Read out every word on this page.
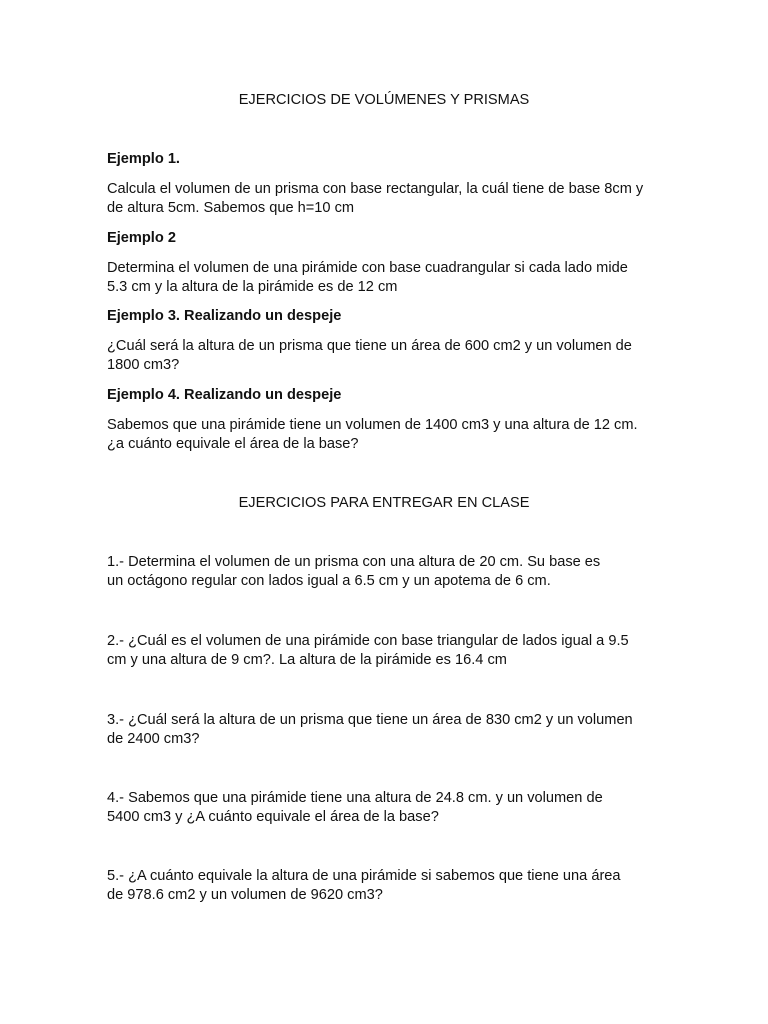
EJERCICIOS DE VOLÚMENES Y PRISMAS

Ejemplo 1.

Calcula el volumen de un prisma con base rectangular, la cuál tiene de base 8cm y
de altura 5cm. Sabemos que h=10 cm

Ejemplo 2

Determina el volumen de una pirámide con base cuadrangular si cada lado mide
5.3 cm y la altura de la pirámide es de 12 cm

Ejemplo 3. Realizando un despeje

¿Cuál será la altura de un prisma que tiene un área de 600 cm2 y un volumen de
1800 cm3?

Ejemplo 4. Realizando un despeje

Sabemos que una pirámide tiene un volumen de 1400 cm3 y una altura de 12 cm.
¿a cuánto equivale el área de la base?

EJERCICIOS PARA ENTREGAR EN CLASE

1.- Determina el volumen de un prisma con una altura de 20 cm. Su base es
un octágono regular con lados igual a 6.5 cm y un apotema de 6 cm.

2.- ¿Cuál es el volumen de una pirámide con base triangular de lados igual a 9.5
cm y una altura de 9 cm?. La altura de la pirámide es 16.4 cm

3.- ¿Cuál será la altura de un prisma que tiene un área de 830 cm2 y un volumen
de 2400 cm3?

4.- Sabemos que una pirámide tiene una altura de 24.8 cm. y un volumen de
5400 cm3 y ¿A cuánto equivale el área de la base?

5.- ¿A cuánto equivale la altura de una pirámide si sabemos que tiene una área
de 978.6 cm2 y un volumen de 9620 cm3?
